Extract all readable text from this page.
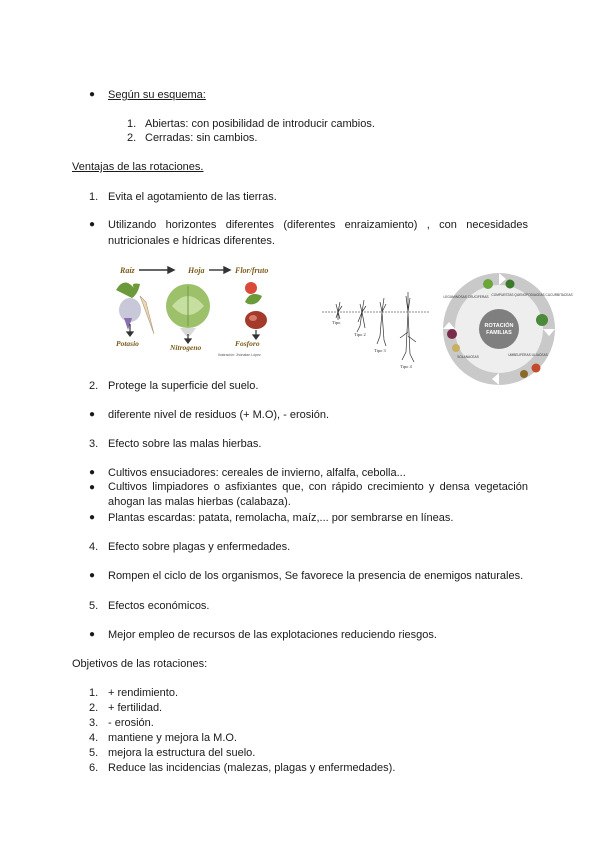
● Según su esquema:
1. Abiertas: con posibilidad de introducir cambios.
2. Cerradas: sin cambios.
Ventajas de las rotaciones.
1. Evita el agotamiento de las tierras.
● Utilizando horizontes diferentes (diferentes enraizamiento) , con necesidades nutricionales e hídricas diferentes.
Raíz	Hoja	Flor/fruto
Potasio	Nitrogeno	Fosforo
Ilustración: Jhonatan López
Tipo
Tipo 2
Tipo 3
Tipo 4
ROTACIÓN
FAMILIAS
LEGUMINOSAS CRUCIFERAS COMPUESTAS QUENOPODIACEAS CUCURBITACEAS
UMBELIFERAS LILIACEAS
SOLANACEAS
2. Protege la superficie del suelo.
● diferente nivel de residuos (+ M.O), - erosión.
3. Efecto sobre las malas hierbas.
● Cultivos ensuciadores: cereales de invierno, alfalfa, cebolla...
● Cultivos limpiadores o asfixiantes que, con rápido crecimiento y densa vegetación ahogan las malas hierbas (calabaza).
● Plantas escardas: patata, remolacha, maíz,... por sembrarse en líneas.
4. Efecto sobre plagas y enfermedades.
● Rompen el ciclo de los organismos, Se favorece la presencia de enemigos naturales.
5. Efectos económicos.
● Mejor empleo de recursos de las explotaciones reduciendo riesgos.
Objetivos de las rotaciones:
1. + rendimiento.
2. + fertilidad.
3. - erosión.
4. mantiene y mejora la M.O.
5. mejora la estructura del suelo.
6. Reduce las incidencias (malezas, plagas y enfermedades).
